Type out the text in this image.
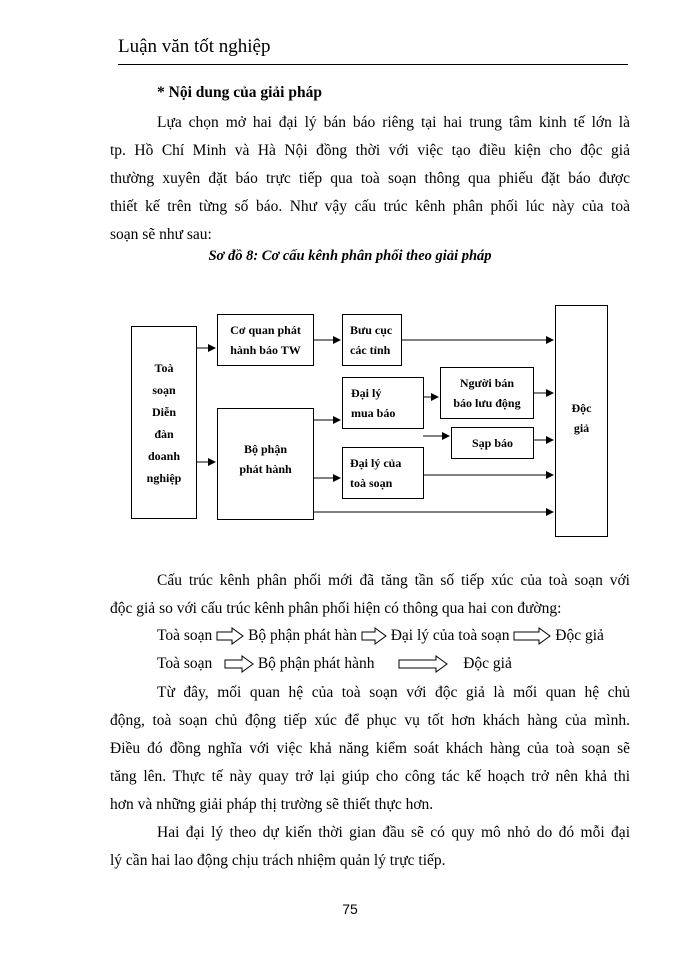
Luận văn tốt nghiệp
* Nội dung của giải pháp
Lựa chọn mở hai đại lý bán báo riêng tại hai trung tâm kinh tế lớn là
tp. Hồ Chí Minh và Hà Nội đồng thời với việc tạo điều kiện cho độc giả
thường xuyên đặt báo trực tiếp qua toà soạn thông qua phiếu đặt báo được
thiết kế trên từng số báo. Như vậy cấu trúc kênh phân phối lúc này của toà
soạn sẽ như sau:
Sơ đồ 8: Cơ cấu kênh phân phối theo giải pháp
Toà
soạn
Diễn
đàn
doanh
nghiệp
Cơ quan phát
hành báo TW
Bưu cục
các tỉnh
Đại lý
mua báo
Người bán
báo lưu động
Sạp báo
Bộ phận
phát hành	Đại lý của
toà soạn
Độc
giả
Cấu trúc kênh phân phối mới đã tăng tần số tiếp xúc của toà soạn với
độc giả so với cấu trúc kênh phân phối hiện có thông qua hai con đường:
Toà soạn Bộ phận phát hàn Đại lý của toà soạn	Độc giả
Toà soạn	Bộ phận phát hành	Độc giả
Từ đây, mối quan hệ của toà soạn với độc giả là mối quan hệ chủ
động, toà soạn chủ động tiếp xúc để phục vụ tốt hơn khách hàng của mình.
Điều đó đồng nghĩa với việc khả năng kiểm soát khách hàng của toà soạn sẽ
tăng lên. Thực tế này quay trở lại giúp cho công tác kế hoạch trở nên khả thi
hơn và những giải pháp thị trường sẽ thiết thực hơn.
Hai đại lý theo dự kiến thời gian đầu sẽ có quy mô nhỏ do đó mỗi đại
lý cần hai lao động chịu trách nhiệm quản lý trực tiếp.
75
